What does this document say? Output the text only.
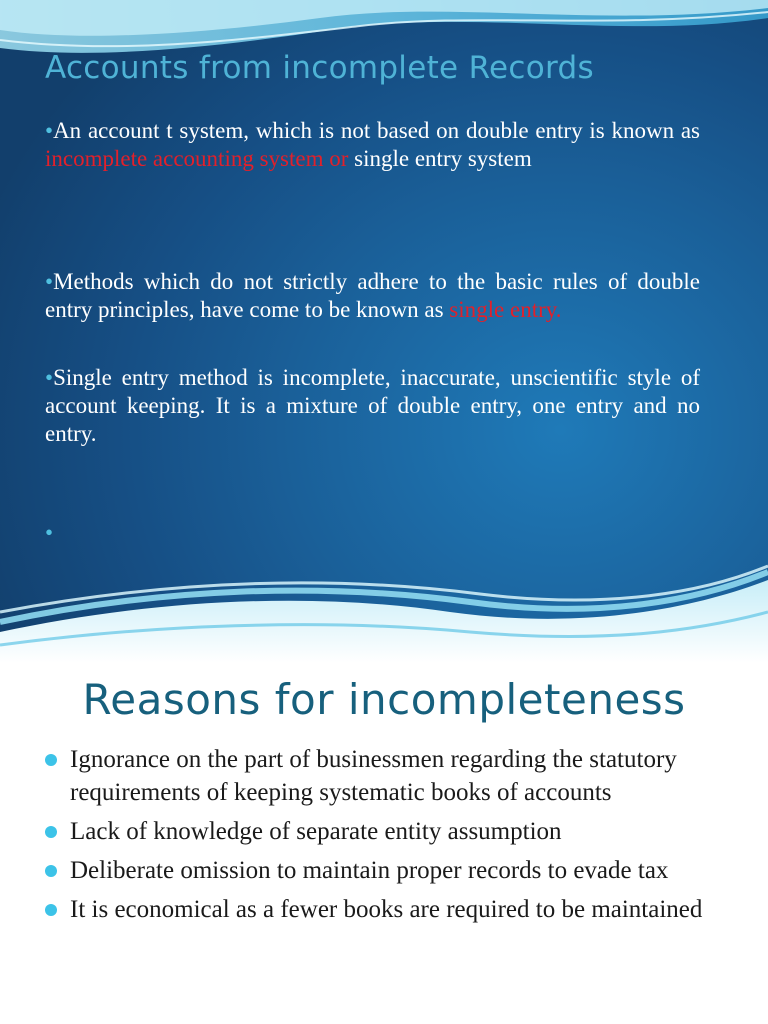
Accounts from incomplete Records

•An account t system, which is not based on double entry is known as incomplete accounting system or single entry system

•Methods which do not strictly adhere to the basic rules of double entry principles, have come to be known as single entry.

•Single entry method is incomplete, inaccurate, unscientific style of account keeping. It is a mixture of double entry, one entry and no entry.

•
Reasons for incompleteness
Ignorance on the part of businessmen regarding the statutory requirements of keeping systematic books of accounts
Lack of knowledge of separate entity assumption
Deliberate omission to maintain proper records to evade tax
It is economical as a fewer books are required to be maintained
